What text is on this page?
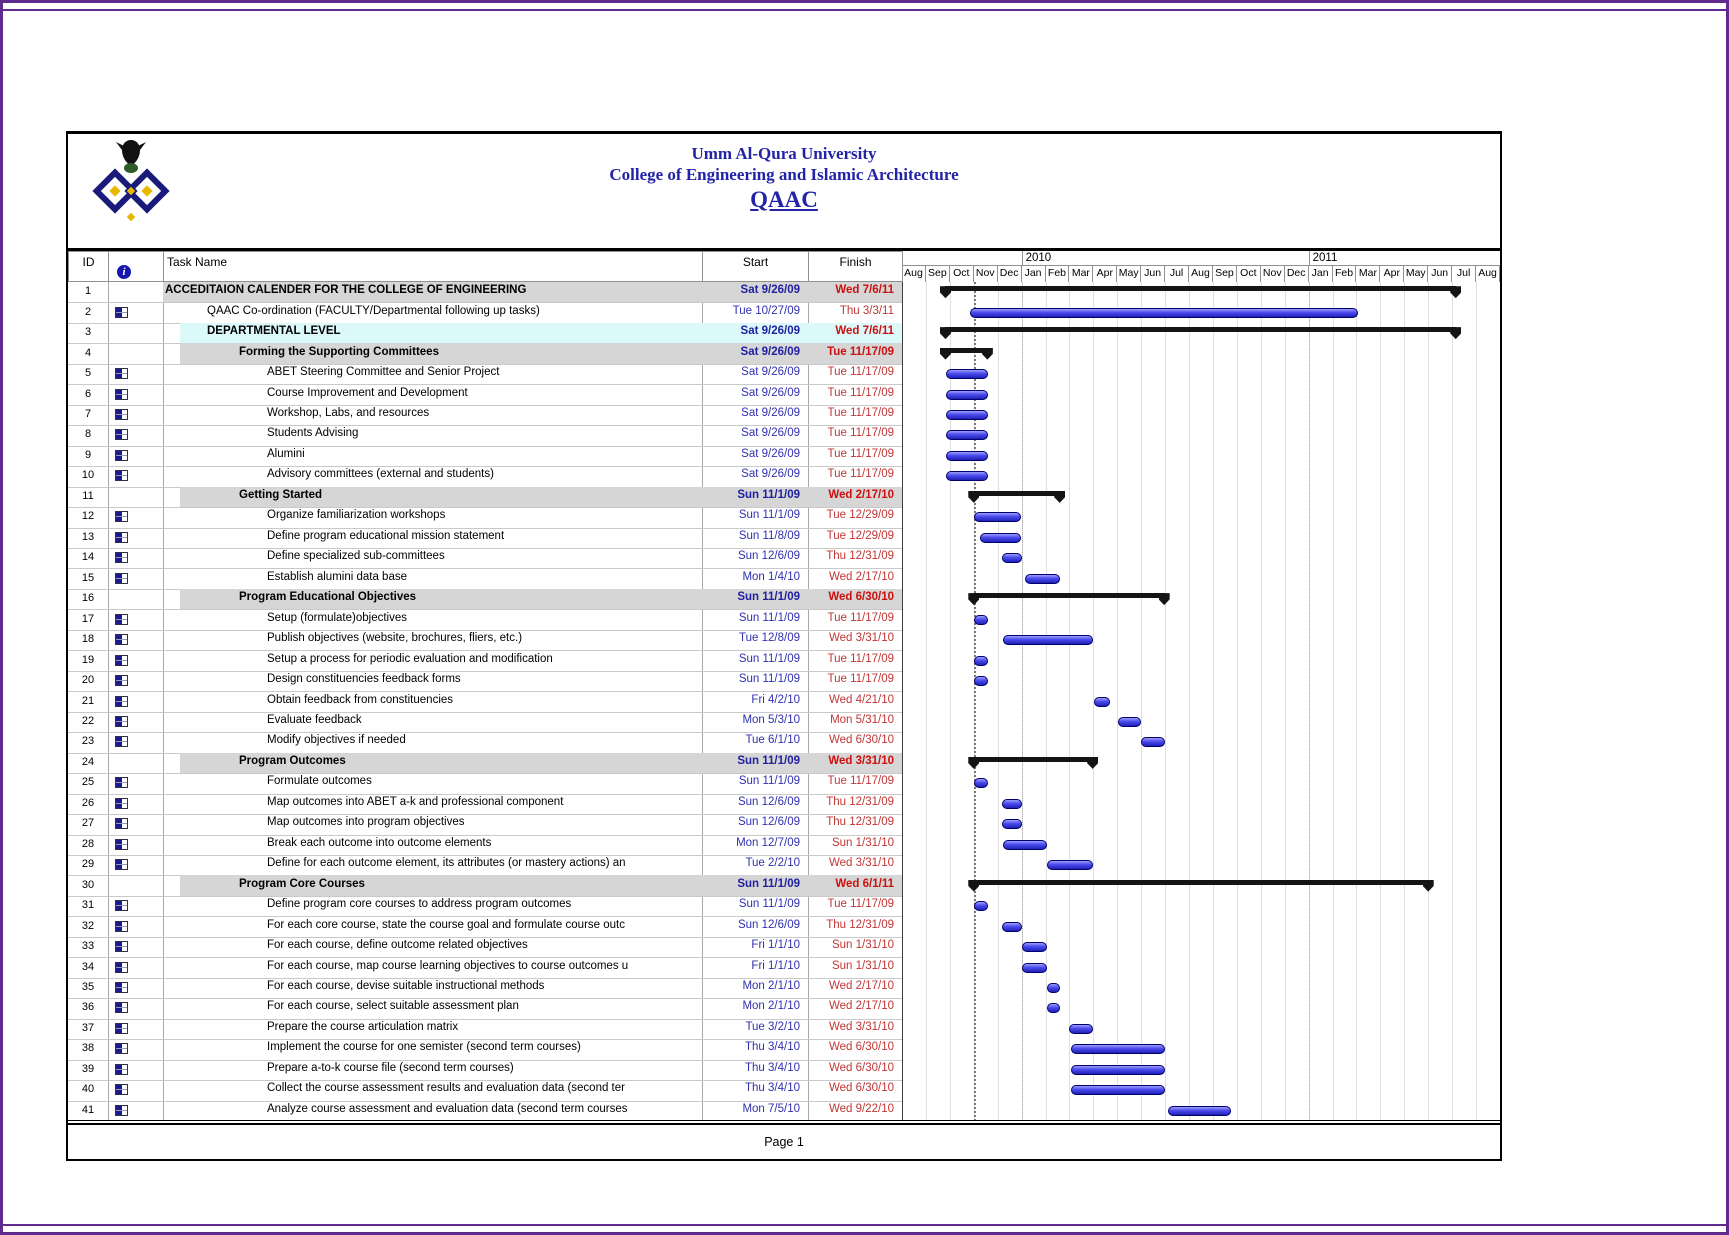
Umm Al-Qura University
College of Engineering and Islamic Architecture
QAAC
ID
i
Task Name	Start	Finish	2010	2011
Aug Sep Oct Nov Dec Jan Feb Mar Apr May Jun Jul Aug Sep Oct Nov Dec Jan Feb Mar Apr May Jun Jul Aug
1	ACCEDITAION CALENDER FOR THE COLLEGE OF ENGINEERING	Sat 9/26/09	Wed 7/6/11
2	QAAC Co-ordination (FACULTY/Departmental following up tasks)	Tue 10/27/09	Thu 3/3/11
3	DEPARTMENTAL LEVEL	Sat 9/26/09	Wed 7/6/11
4	Forming the Supporting Committees	Sat 9/26/09	Tue 11/17/09
5	ABET Steering Committee and Senior Project	Sat 9/26/09	Tue 11/17/09
6	Course Improvement and Development	Sat 9/26/09	Tue 11/17/09
7	Workshop, Labs, and resources	Sat 9/26/09	Tue 11/17/09
8	Students Advising	Sat 9/26/09	Tue 11/17/09
9	Alumini	Sat 9/26/09	Tue 11/17/09
10	Advisory committees (external and students)	Sat 9/26/09	Tue 11/17/09
11	Getting Started	Sun 11/1/09	Wed 2/17/10
12	Organize familiarization workshops	Sun 11/1/09	Tue 12/29/09
13	Define program educational mission statement	Sun 11/8/09	Tue 12/29/09
14	Define specialized sub-committees	Sun 12/6/09	Thu 12/31/09
15	Establish alumini data base	Mon 1/4/10	Wed 2/17/10
16	Program Educational Objectives	Sun 11/1/09	Wed 6/30/10
17	Setup (formulate)objectives	Sun 11/1/09	Tue 11/17/09
18	Publish objectives (website, brochures, fliers, etc.)	Tue 12/8/09	Wed 3/31/10
19	Setup a process for periodic evaluation and modification	Sun 11/1/09	Tue 11/17/09
20	Design constituencies feedback forms	Sun 11/1/09	Tue 11/17/09
21	Obtain feedback from constituencies	Fri 4/2/10	Wed 4/21/10
22	Evaluate feedback	Mon 5/3/10	Mon 5/31/10
23	Modify objectives if needed	Tue 6/1/10	Wed 6/30/10
24	Program Outcomes	Sun 11/1/09	Wed 3/31/10
25	Formulate outcomes	Sun 11/1/09	Tue 11/17/09
26	Map outcomes into ABET a-k and professional component	Sun 12/6/09	Thu 12/31/09
27	Map outcomes into program objectives	Sun 12/6/09	Thu 12/31/09
28	Break each outcome into outcome elements	Mon 12/7/09	Sun 1/31/10
29	Define for each outcome element, its attributes (or mastery actions) an	Tue 2/2/10	Wed 3/31/10
30	Program Core Courses	Sun 11/1/09	Wed 6/1/11
31	Define program core courses to address program outcomes	Sun 11/1/09	Tue 11/17/09
32	For each core course, state the course goal and formulate course outc	Sun 12/6/09	Thu 12/31/09
33	For each course, define outcome related objectives	Fri 1/1/10	Sun 1/31/10
34	For each course, map course learning objectives to course outcomes u	Fri 1/1/10	Sun 1/31/10
35	For each course, devise suitable instructional methods	Mon 2/1/10	Wed 2/17/10
36	For each course, select suitable assessment plan	Mon 2/1/10	Wed 2/17/10
37	Prepare the course articulation matrix	Tue 3/2/10	Wed 3/31/10
38	Implement the course for one semister (second term courses)	Thu 3/4/10	Wed 6/30/10
39	Prepare a-to-k course file (second term courses)	Thu 3/4/10	Wed 6/30/10
40	Collect the course assessment results and evaluation data (second ter	Thu 3/4/10	Wed 6/30/10
41	Analyze course assessment and evaluation data (second term courses	Mon 7/5/10	Wed 9/22/10
Page 1
